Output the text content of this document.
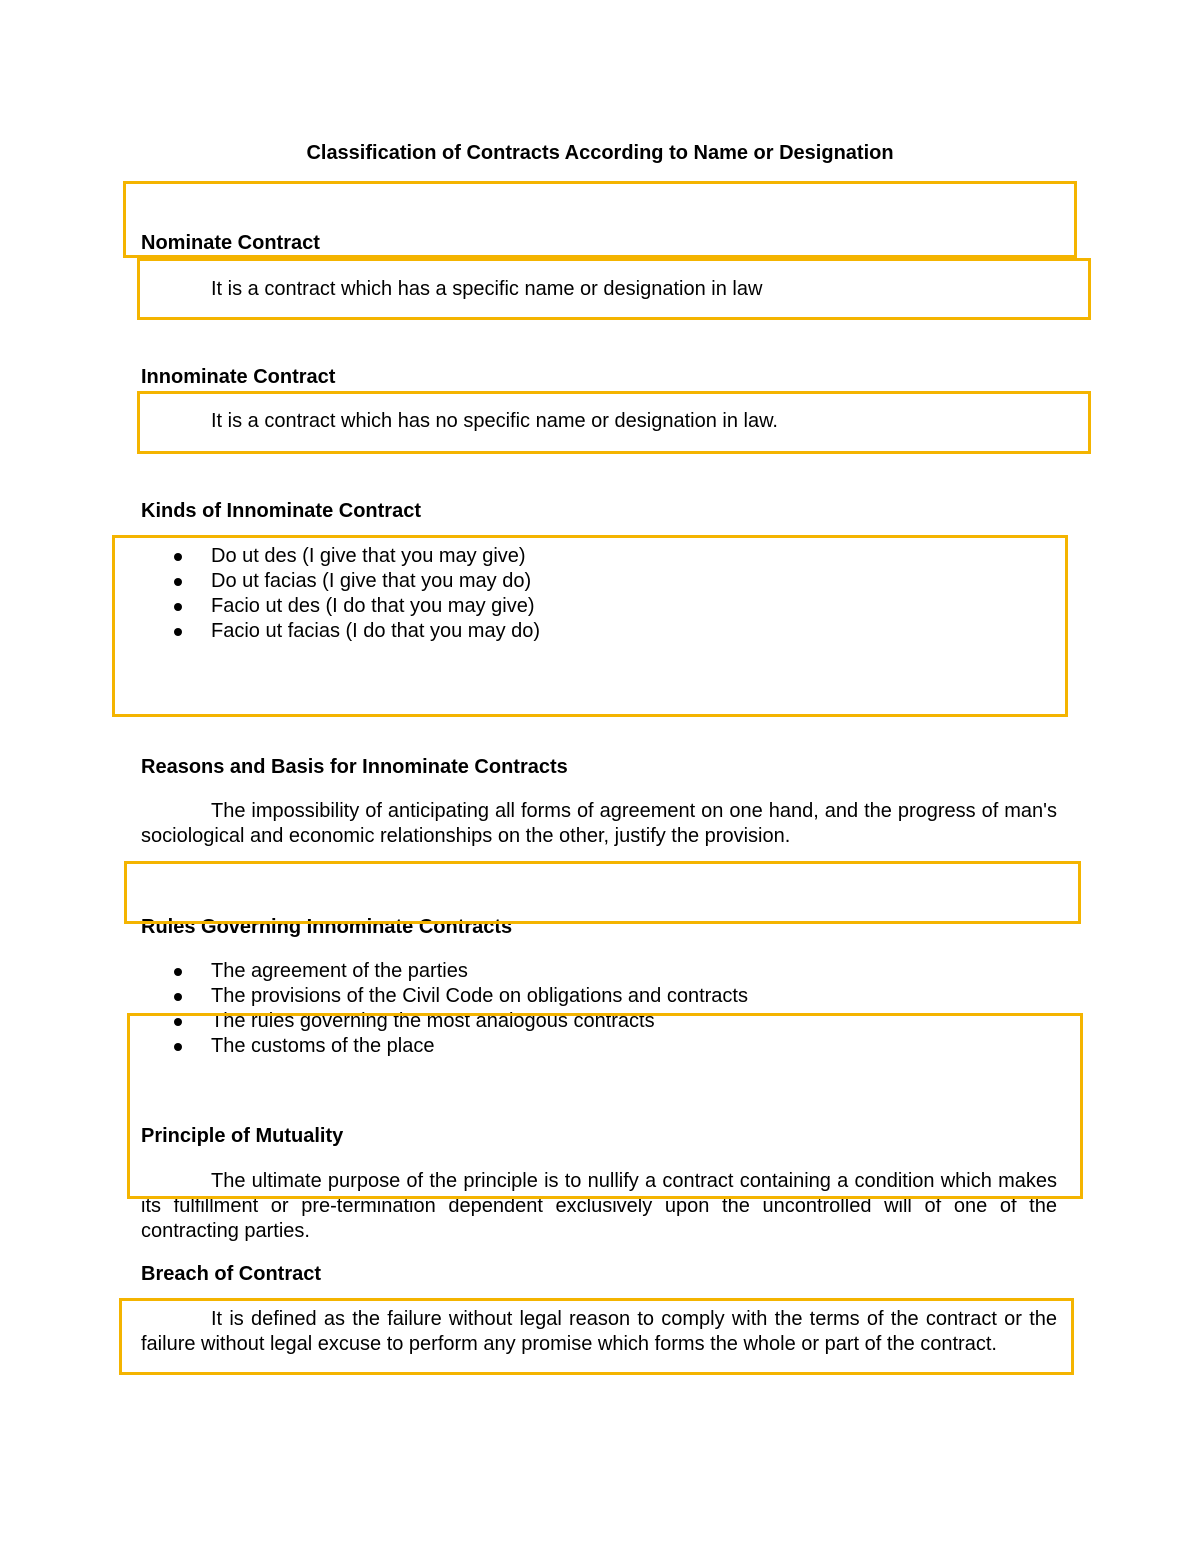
Classification of Contracts According to Name or Designation
Nominate Contract
It is a contract which has a specific name or designation in law
Innominate Contract
It is a contract which has no specific name or designation in law.
Kinds of Innominate Contract
Do ut des (I give that you may give)
Do ut facias (I give that you may do)
Facio ut des (I do that you may give)
Facio ut facias (I do that you may do)
Reasons and Basis for Innominate Contracts
The impossibility of anticipating all forms of agreement on one hand, and the progress of man's sociological and economic relationships on the other, justify the provision.
Rules Governing Innominate Contracts
The agreement of the parties
The provisions of the Civil Code on obligations and contracts
The rules governing the most analogous contracts
The customs of the place
Principle of Mutuality
The ultimate purpose of the principle is to nullify a contract containing a condition which makes its fulfillment or pre-termination dependent exclusively upon the uncontrolled will of one of the contracting parties.
Breach of Contract
It is defined as the failure without legal reason to comply with the terms of the contract or the failure without legal excuse to perform any promise which forms the whole or part of the contract.
